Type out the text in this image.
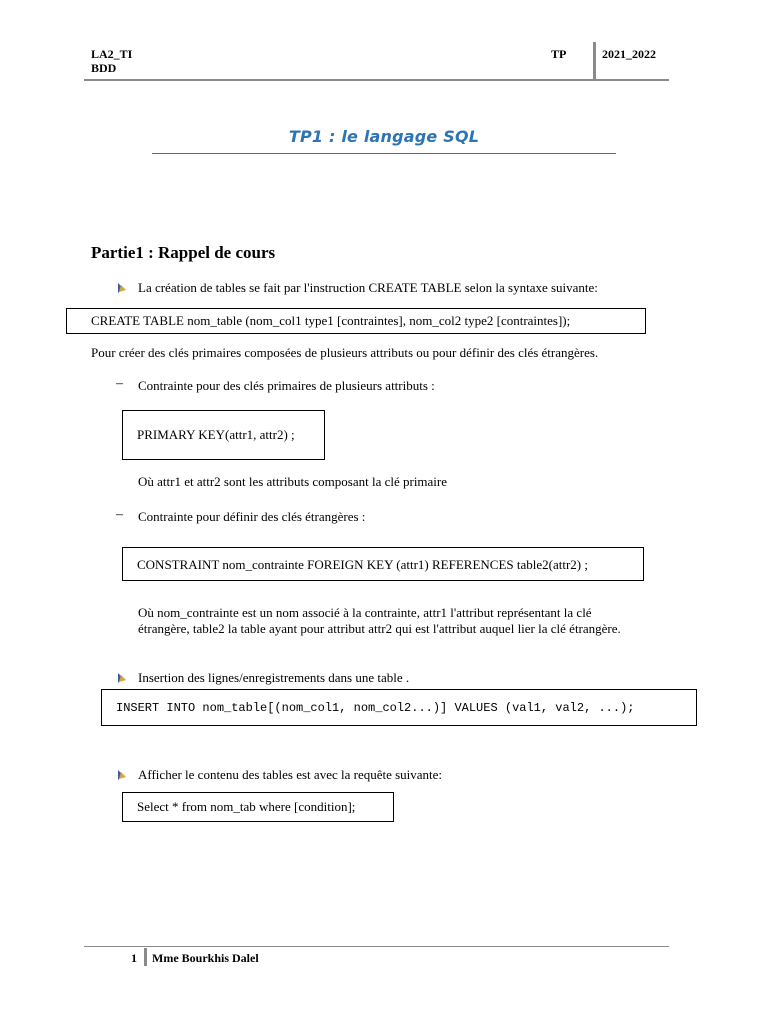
LA2_TI
BDD
TP	2021_2022
TP1 : le langage SQL
Partie1 : Rappel de cours
La création de tables se fait par l'instruction CREATE TABLE selon la syntaxe suivante:
CREATE TABLE nom_table (nom_col1 type1 [contraintes], nom_col2 type2 [contraintes]);
Pour créer des clés primaires composées de plusieurs attributs ou pour définir des clés étrangères.
– Contrainte pour des clés primaires de plusieurs attributs :
PRIMARY KEY(attr1, attr2) ;
Où attr1 et attr2 sont les attributs composant la clé primaire
– Contrainte pour définir des clés étrangères :
CONSTRAINT nom_contrainte FOREIGN KEY (attr1) REFERENCES table2(attr2) ;
Où nom_contrainte est un nom associé à la contrainte, attr1 l'attribut représentant la clé
étrangère, table2 la table ayant pour attribut attr2 qui est l'attribut auquel lier la clé étrangère.
Insertion des lignes/enregistrements dans une table .
INSERT INTO nom_table[(nom_col1, nom_col2...)] VALUES (val1, val2, ...);
Afficher le contenu des tables est avec la requête suivante:
Select * from nom_tab where [condition];
1 Mme Bourkhis Dalel
